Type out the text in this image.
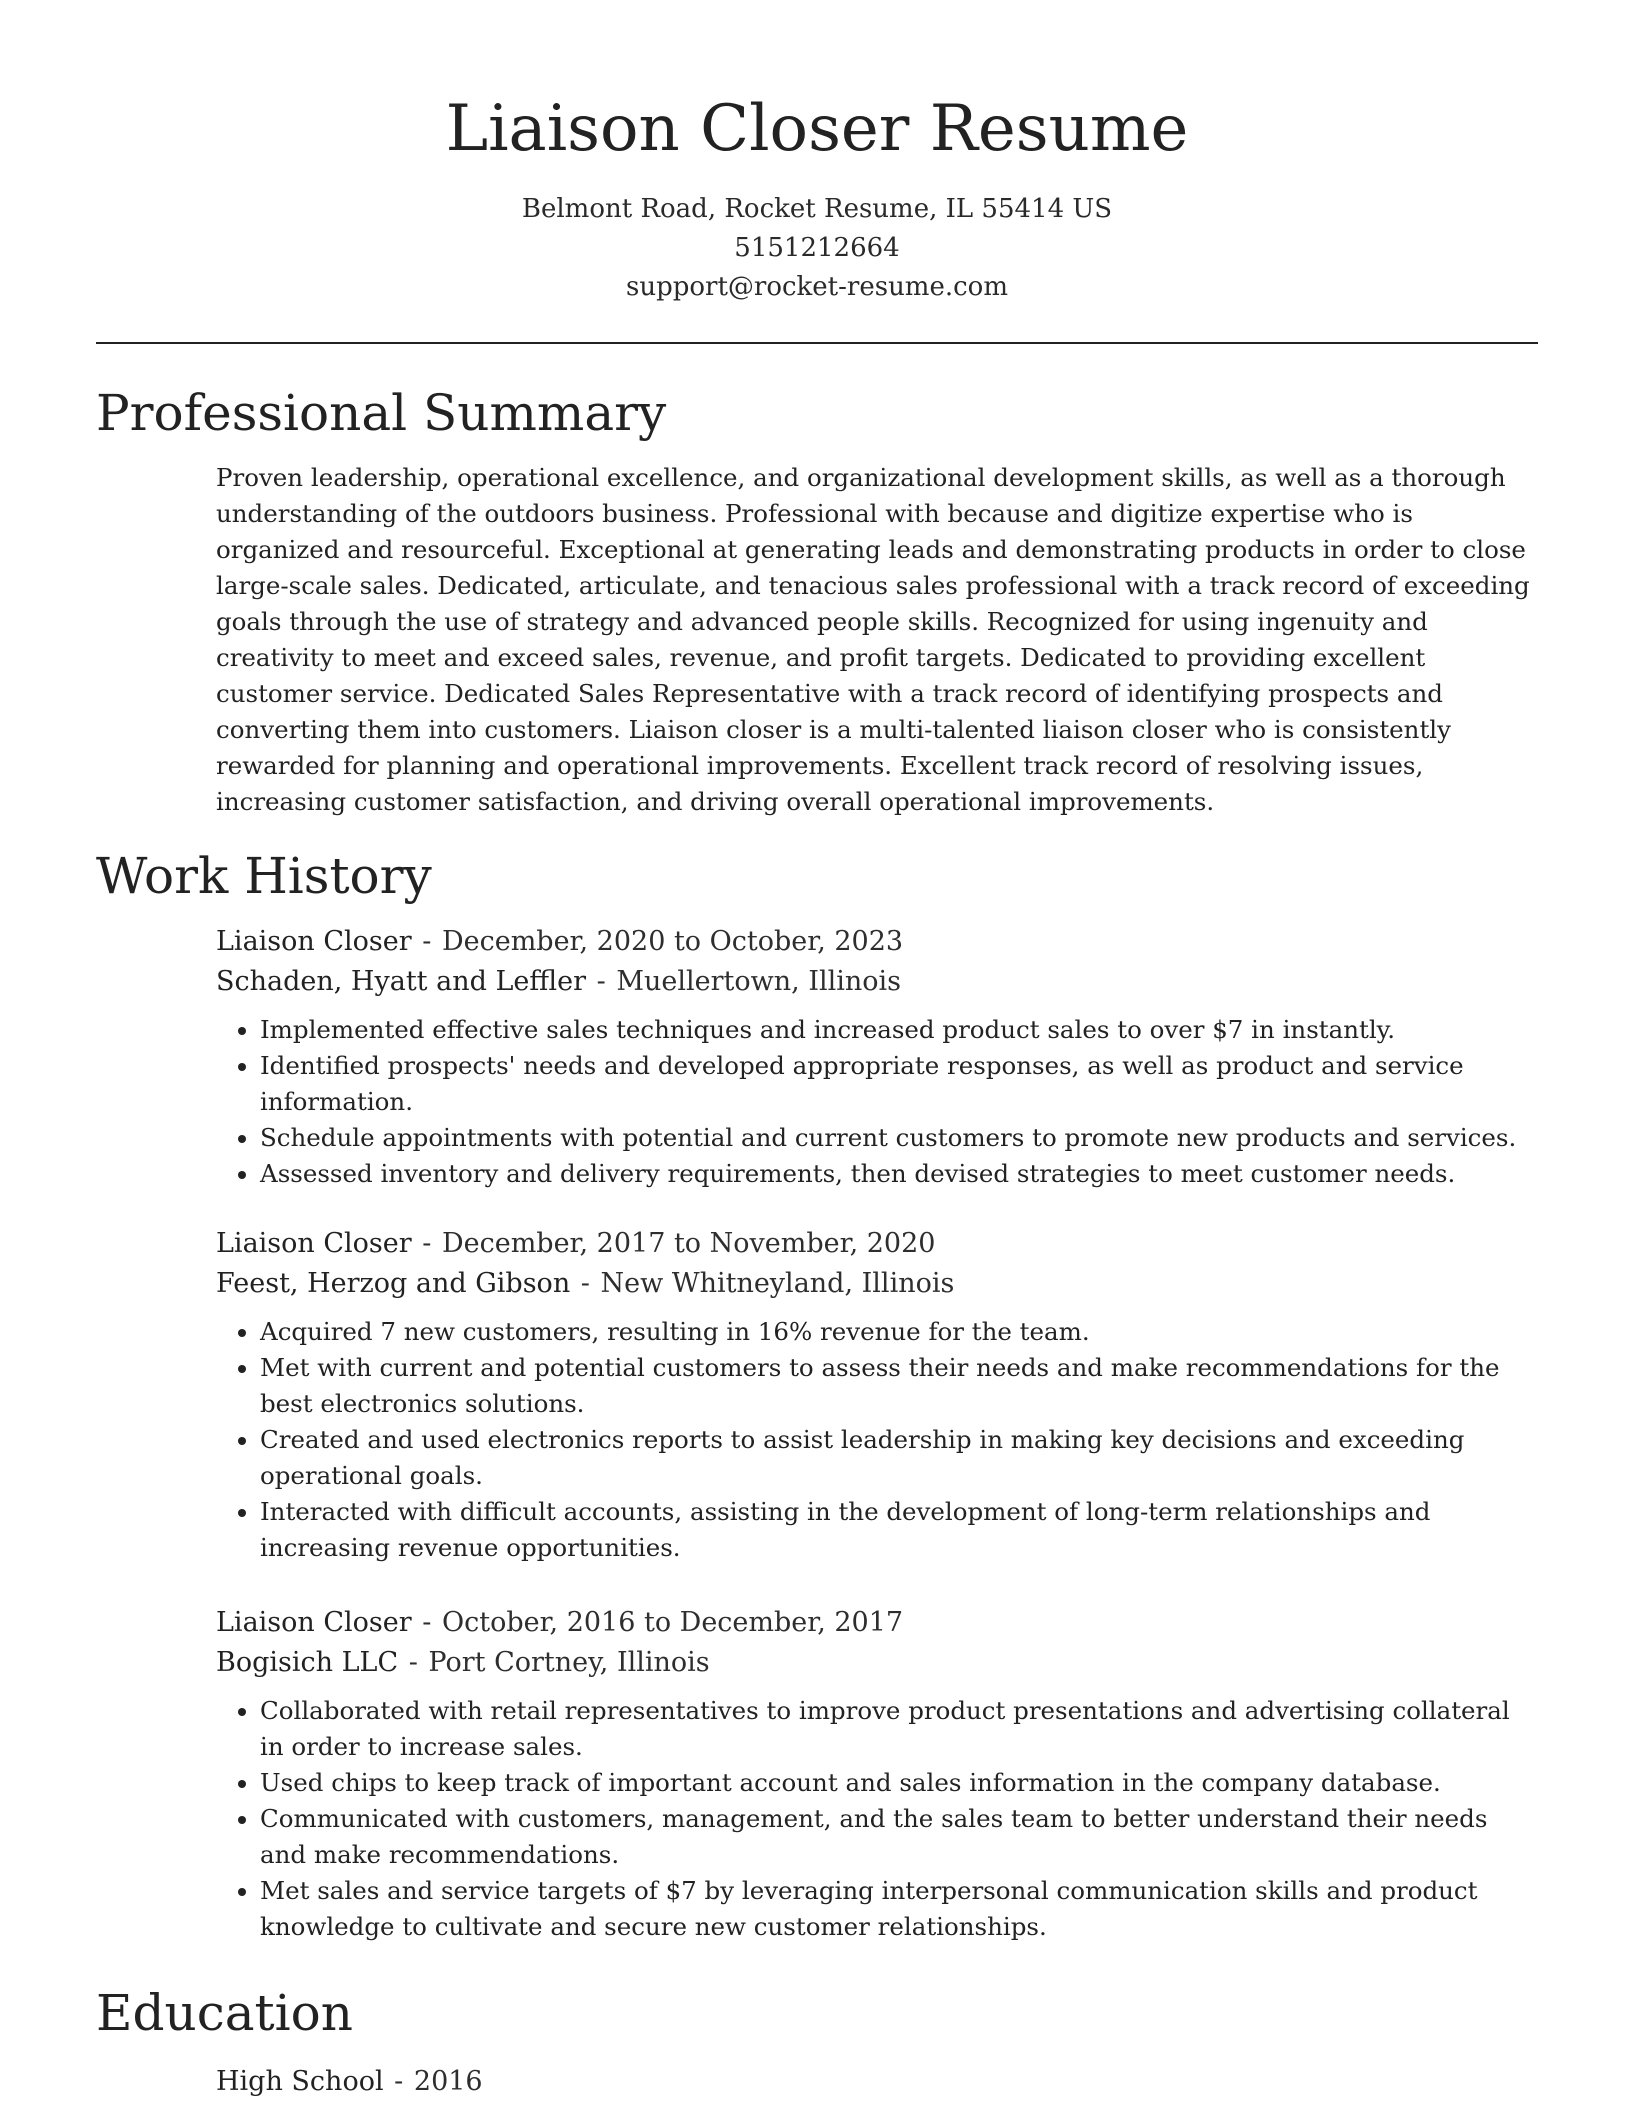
Liaison Closer Resume
Belmont Road, Rocket Resume, IL 55414 US
5151212664
support@rocket-resume.com
Professional Summary

Proven leadership, operational excellence, and organizational development skills, as well as a thorough understanding of the outdoors business. Professional with because and digitize expertise who is organized and resourceful. Exceptional at generating leads and demonstrating products in order to close large-scale sales. Dedicated, articulate, and tenacious sales professional with a track record of exceeding goals through the use of strategy and advanced people skills. Recognized for using ingenuity and creativity to meet and exceed sales, revenue, and profit targets. Dedicated to providing excellent customer service. Dedicated Sales Representative with a track record of identifying prospects and converting them into customers. Liaison closer is a multi-talented liaison closer who is consistently rewarded for planning and operational improvements. Excellent track record of resolving issues, increasing customer satisfaction, and driving overall operational improvements.

Work History
Liaison Closer - December, 2020 to October, 2023
Schaden, Hyatt and Leffler - Muellertown, Illinois
• Implemented effective sales techniques and increased product sales to over $7 in instantly.
• Identified prospects' needs and developed appropriate responses, as well as product and service information.
• Schedule appointments with potential and current customers to promote new products and services.
• Assessed inventory and delivery requirements, then devised strategies to meet customer needs.
Liaison Closer - December, 2017 to November, 2020
Feest, Herzog and Gibson - New Whitneyland, Illinois
• Acquired 7 new customers, resulting in 16% revenue for the team.
• Met with current and potential customers to assess their needs and make recommendations for the best electronics solutions.
• Created and used electronics reports to assist leadership in making key decisions and exceeding operational goals.
• Interacted with difficult accounts, assisting in the development of long-term relationships and increasing revenue opportunities.
Liaison Closer - October, 2016 to December, 2017
Bogisich LLC - Port Cortney, Illinois
• Collaborated with retail representatives to improve product presentations and advertising collateral in order to increase sales.
• Used chips to keep track of important account and sales information in the company database.
• Communicated with customers, management, and the sales team to better understand their needs and make recommendations.
• Met sales and service targets of $7 by leveraging interpersonal communication skills and product knowledge to cultivate and secure new customer relationships.
Education
High School - 2016
